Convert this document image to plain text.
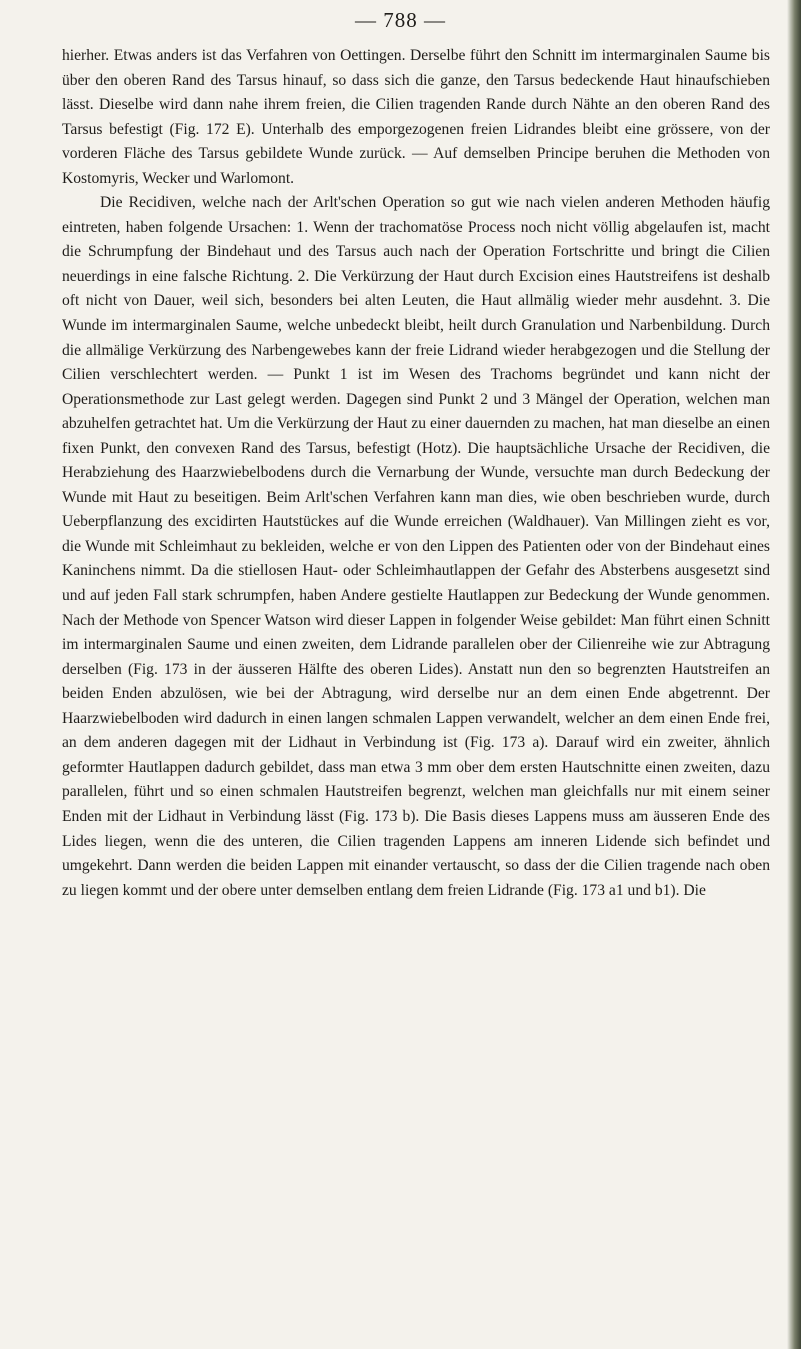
— 788 —

hierher. Etwas anders ist das Verfahren von Oettingen. Derselbe führt den Schnitt im intermarginalen Saume bis über den oberen Rand des Tarsus hinauf, so dass sich die ganze, den Tarsus bedeckende Haut hinaufschieben lässt. Dieselbe wird dann nahe ihrem freien, die Cilien tragenden Rande durch Nähte an den oberen Rand des Tarsus befestigt (Fig. 172 E). Unterhalb des emporgezogenen freien Lidrandes bleibt eine grössere, von der vorderen Fläche des Tarsus gebildete Wunde zurück. — Auf demselben Principe beruhen die Methoden von Kostomyris, Wecker und Warlomont.

Die Recidiven, welche nach der Arlt'schen Operation so gut wie nach vielen anderen Methoden häufig eintreten, haben folgende Ursachen: 1. Wenn der trachomatöse Process noch nicht völlig abgelaufen ist, macht die Schrumpfung der Bindehaut und des Tarsus auch nach der Operation Fortschritte und bringt die Cilien neuerdings in eine falsche Richtung. 2. Die Verkürzung der Haut durch Excision eines Hautstreifens ist deshalb oft nicht von Dauer, weil sich, besonders bei alten Leuten, die Haut allmälig wieder mehr ausdehnt. 3. Die Wunde im intermarginalen Saume, welche unbedeckt bleibt, heilt durch Granulation und Narbenbildung. Durch die allmälige Verkürzung des Narbengewebes kann der freie Lidrand wieder herabgezogen und die Stellung der Cilien verschlechtert werden. — Punkt 1 ist im Wesen des Trachoms begründet und kann nicht der Operationsmethode zur Last gelegt werden. Dagegen sind Punkt 2 und 3 Mängel der Operation, welchen man abzuhelfen getrachtet hat. Um die Verkürzung der Haut zu einer dauernden zu machen, hat man dieselbe an einen fixen Punkt, den convexen Rand des Tarsus, befestigt (Hotz). Die hauptsächliche Ursache der Recidiven, die Herabziehung des Haarzwiebelbodens durch die Vernarbung der Wunde, versuchte man durch Bedeckung der Wunde mit Haut zu beseitigen. Beim Arlt'schen Verfahren kann man dies, wie oben beschrieben wurde, durch Ueberpflanzung des excidirten Hautstückes auf die Wunde erreichen (Waldhauer). Van Millingen zieht es vor, die Wunde mit Schleimhaut zu bekleiden, welche er von den Lippen des Patienten oder von der Bindehaut eines Kaninchens nimmt. Da die stiellosen Haut- oder Schleimhautlappen der Gefahr des Absterbens ausgesetzt sind und auf jeden Fall stark schrumpfen, haben Andere gestielte Hautlappen zur Bedeckung der Wunde genommen. Nach der Methode von Spencer Watson wird dieser Lappen in folgender Weise gebildet: Man führt einen Schnitt im intermarginalen Saume und einen zweiten, dem Lidrande parallelen ober der Cilienreihe wie zur Abtragung derselben (Fig. 173 in der äusseren Hälfte des oberen Lides). Anstatt nun den so begrenzten Hautstreifen an beiden Enden abzulösen, wie bei der Abtragung, wird derselbe nur an dem einen Ende abgetrennt. Der Haarzwiebelboden wird dadurch in einen langen schmalen Lappen verwandelt, welcher an dem einen Ende frei, an dem anderen dagegen mit der Lidhaut in Verbindung ist (Fig. 173 a). Darauf wird ein zweiter, ähnlich geformter Hautlappen dadurch gebildet, dass man etwa 3 mm ober dem ersten Hautschnitte einen zweiten, dazu parallelen, führt und so einen schmalen Hautstreifen begrenzt, welchen man gleichfalls nur mit einem seiner Enden mit der Lidhaut in Verbindung lässt (Fig. 173 b). Die Basis dieses Lappens muss am äusseren Ende des Lides liegen, wenn die des unteren, die Cilien tragenden Lappens am inneren Lidende sich befindet und umgekehrt. Dann werden die beiden Lappen mit einander vertauscht, so dass der die Cilien tragende nach oben zu liegen kommt und der obere unter demselben entlang dem freien Lidrande (Fig. 173 a1 und b1). Die
